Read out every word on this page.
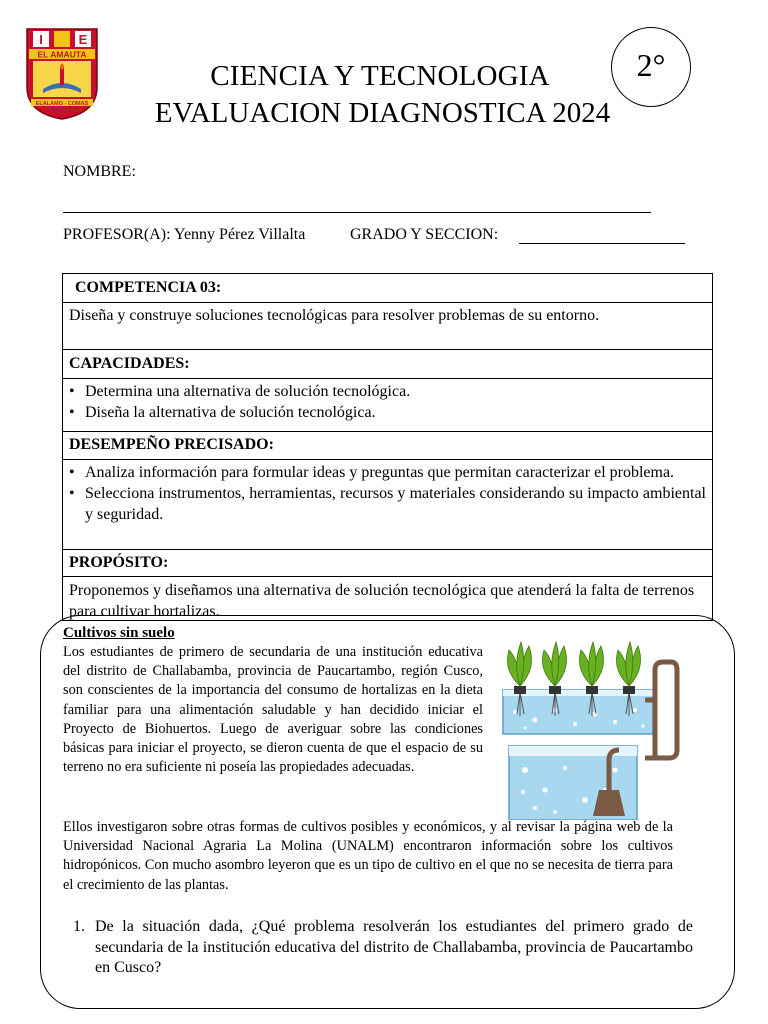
I	E
EL AMAUTA
ELALAMO - COMAS
CIENCIA Y TECNOLOGIA
EVALUACION DIAGNOSTICA 2024
2°
NOMBRE:
PROFESOR(A): Yenny Pérez Villalta	GRADO Y SECCION:
COMPETENCIA 03:
Diseña y construye soluciones tecnológicas para resolver problemas de su entorno.
CAPACIDADES:
• Determina una alternativa de solución tecnológica.
• Diseña la alternativa de solución tecnológica.
DESEMPEÑO PRECISADO:
• Analiza información para formular ideas y preguntas que permitan caracterizar el problema.
• Selecciona instrumentos, herramientas, recursos y materiales considerando su impacto ambiental y seguridad.
PROPÓSITO:
Proponemos y diseñamos una alternativa de solución tecnológica que atenderá la falta de terrenos para cultivar hortalizas.
Cultivos sin suelo
Los estudiantes de primero de secundaria de una institución educativa del distrito de Challabamba, provincia de Paucartambo, región Cusco, son conscientes de la importancia del consumo de hortalizas en la dieta familiar para una alimentación saludable y han decidido iniciar el Proyecto de Biohuertos. Luego de averiguar sobre las condiciones básicas para iniciar el proyecto, se dieron cuenta de que el espacio de su terreno no era suficiente ni poseía las propiedades adecuadas.
Ellos investigaron sobre otras formas de cultivos posibles y económicos, y al revisar la página web de la Universidad Nacional Agraria La Molina (UNALM) encontraron información sobre los cultivos hidropónicos. Con mucho asombro leyeron que es un tipo de cultivo en el que no se necesita de tierra para el crecimiento de las plantas.
1. De la situación dada, ¿Qué problema resolverán los estudiantes del primero grado de secundaria de la institución educativa del distrito de Challabamba, provincia de Paucartambo en Cusco?
